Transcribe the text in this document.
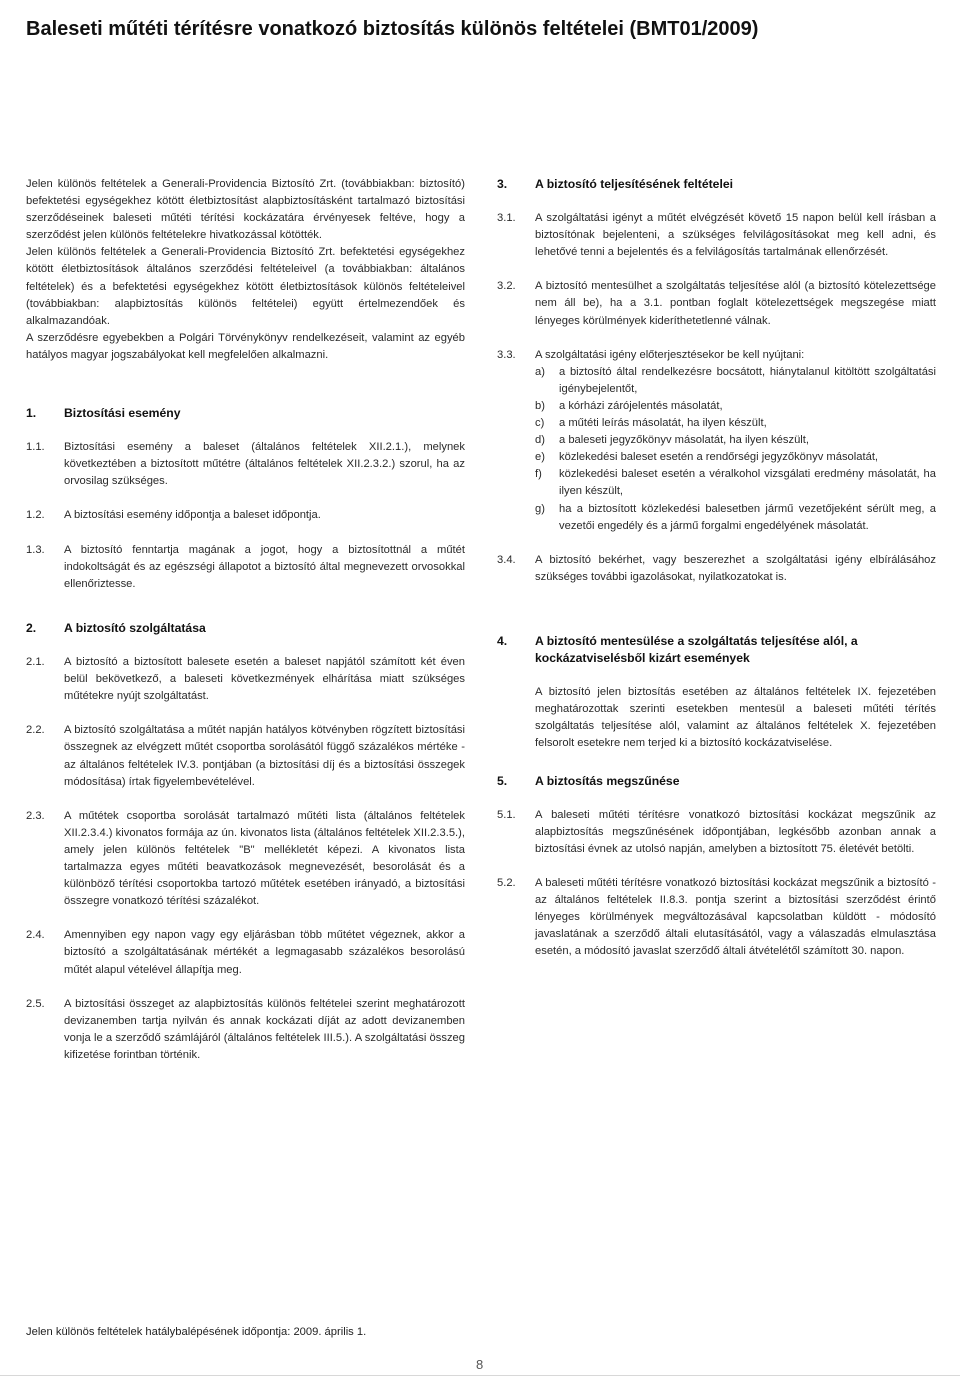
Baleseti műtéti térítésre vonatkozó biztosítás különös feltételei (BMT01/2009)

Jelen különös feltételek a Generali-Providencia Biztosító Zrt. (továbbiakban: biztosító) befektetési egységekhez kötött életbiztosítást alapbiztosításként tartalmazó biztosítási szerződéseinek baleseti műtéti térítési kockázatára érvényesek feltéve, hogy a szerződést jelen különös feltételekre hivatkozással kötötték.

Jelen különös feltételek a Generali-Providencia Biztosító Zrt. befektetési egységekhez kötött életbiztosítások általános szerződési feltételeivel (a továbbiakban: általános feltételek) és a befektetési egységekhez kötött életbiztosítások különös feltételeivel (továbbiakban: alapbiztosítás különös feltételei) együtt értelmezendőek és alkalmazandóak.

A szerződésre egyebekben a Polgári Törvénykönyv rendelkezéseit, valamint az egyéb hatályos magyar jogszabályokat kell megfelelően alkalmazni.

1.	Biztosítási esemény
1.1.	Biztosítási esemény a baleset (általános feltételek XII.2.1.), melynek következtében a biztosított műtétre (általános feltételek XII.2.3.2.) szorul, ha az orvosilag szükséges.
1.2.	A biztosítási esemény időpontja a baleset időpontja.
1.3.	A biztosító fenntartja magának a jogot, hogy a biztosítottnál a műtét indokoltságát és az egészségi állapotot a biztosító által megnevezett orvosokkal ellenőriztesse.
3.	A biztosító teljesítésének feltételei
3.1.	A szolgáltatási igényt a műtét elvégzését követő 15 napon belül kell írásban a biztosítónak bejelenteni, a szükséges felvilágosításokat meg kell adni, és lehetővé tenni a bejelentés és a felvilágosítás tartalmának ellenőrzését.
3.2.	A biztosító mentesülhet a szolgáltatás teljesítése alól (a biztosító kötelezettsége nem áll be), ha a 3.1. pontban foglalt kötelezettségek megszegése miatt lényeges körülmények kideríthetetlenné válnak.
3.3.	A szolgáltatási igény előterjesztésekor be kell nyújtani:
a)	a biztosító által rendelkezésre bocsátott, hiánytalanul kitöltött szolgáltatási igénybejelentőt,
b)	a kórházi zárójelentés másolatát,
c)	a műtéti leírás másolatát, ha ilyen készült,
d)	a baleseti jegyzőkönyv másolatát, ha ilyen készült,
e)	közlekedési baleset esetén a rendőrségi jegyzőkönyv másolatát,
f)	közlekedési baleset esetén a véralkohol vizsgálati eredmény másolatát, ha ilyen készült,
g)	ha a biztosított közlekedési balesetben jármű vezetőjeként sérült meg, a vezetői engedély és a jármű forgalmi engedélyének másolatát.
3.4.	A biztosító bekérhet, vagy beszerezhet a szolgáltatási igény elbírálásához szükséges további igazolásokat, nyilatkozatokat is.
2.	A biztosító szolgáltatása
2.1.	A biztosító a biztosított balesete esetén a baleset napjától számított két éven belül bekövetkező, a baleseti következmények elhárítása miatt szükséges műtétekre nyújt szolgáltatást.
2.2.	A biztosító szolgáltatása a műtét napján hatályos kötvényben rögzített biztosítási összegnek az elvégzett műtét csoportba sorolásától függő százalékos mértéke - az általános feltételek IV.3. pontjában (a biztosítási díj és a biztosítási összegek módosítása) írtak figyelembevételével.
2.3.	A műtétek csoportba sorolását tartalmazó műtéti lista (általános feltételek XII.2.3.4.) kivonatos formája az ún. kivonatos lista (általános feltételek XII.2.3.5.), amely jelen különös feltételek "B" mellékletét képezi. A kivonatos lista tartalmazza egyes műtéti beavatkozások megnevezését, besorolását és a különböző térítési csoportokba tartozó műtétek esetében irányadó, a biztosítási összegre vonatkozó térítési százalékot.
2.4.	Amennyiben egy napon vagy egy eljárásban több műtétet végeznek, akkor a biztosító a szolgáltatásának mértékét a legmagasabb százalékos besorolású műtét alapul vételével állapítja meg.
2.5.	A biztosítási összeget az alapbiztosítás különös feltételei szerint meghatározott devizanemben tartja nyilván és annak kockázati díját az adott devizanemben vonja le a szerződő számlájáról (általános feltételek III.5.). A szolgáltatási összeg kifizetése forintban történik.
4.	A biztosító mentesülése a szolgáltatás teljesítése alól, a kockázatviselésből kizárt események

A biztosító jelen biztosítás esetében az általános feltételek IX. fejezetében meghatározottak szerinti esetekben mentesül a baleseti műtéti térítés szolgáltatás teljesítése alól, valamint az általános feltételek X. fejezetében felsorolt esetekre nem terjed ki a biztosító kockázatviselése.

5.	A biztosítás megszűnése
5.1.	A baleseti műtéti térítésre vonatkozó biztosítási kockázat megszűnik az alapbiztosítás megszűnésének időpontjában, legkésőbb azonban annak a biztosítási évnek az utolsó napján, amelyben a biztosított 75. életévét betölti.
5.2.	A baleseti műtéti térítésre vonatkozó biztosítási kockázat megszűnik a biztosító - az általános feltételek II.8.3. pontja szerint a biztosítási szerződést érintő lényeges körülmények megváltozásával kapcsolatban küldött - módosító javaslatának a szerződő általi elutasításától, vagy a válaszadás elmulasztása esetén, a módosító javaslat szerződő általi átvételétől számított 30. napon.
Jelen különös feltételek hatálybalépésének időpontja: 2009. április 1.
8
